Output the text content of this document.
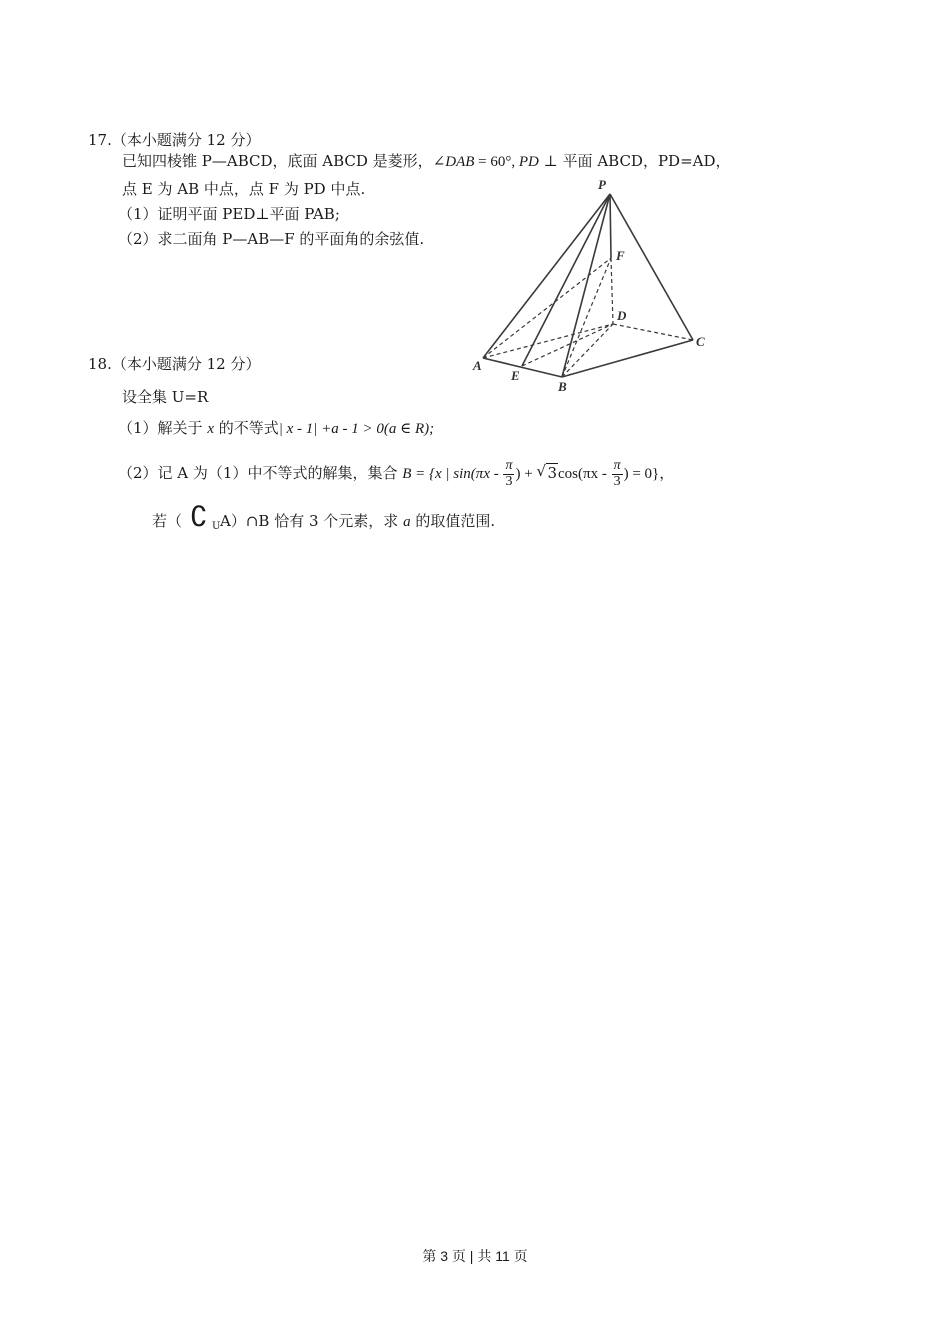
17.（本小题满分 12 分）
已知四棱锥 P—ABCD，底面 ABCD 是菱形，∠DAB = 60°, PD ⊥ 平面 ABCD，PD=AD，
点 E 为 AB 中点，点 F 为 PD 中点.
（1）证明平面 PED⊥平面 PAB;
（2）求二面角 P—AB—F 的平面角的余弦值.
P
F
D
C
A
E
B
18.（本小题满分 12 分）
设全集 U=R
（1）解关于 x 的不等式| x - 1| +a - 1 > 0(a ∈ R);
（2）记 A 为（1）中不等式的解集，集合 B = {x | $\sin(\pi x - \frac{\pi}{3}$ ) + √ $3\cos(\pi x - \frac{\pi}{3}$ ) = 0}，
若（ ∁ U A）∩B 恰有 3 个元素，求 a 的取值范围.
第 3 页 | 共 11 页
